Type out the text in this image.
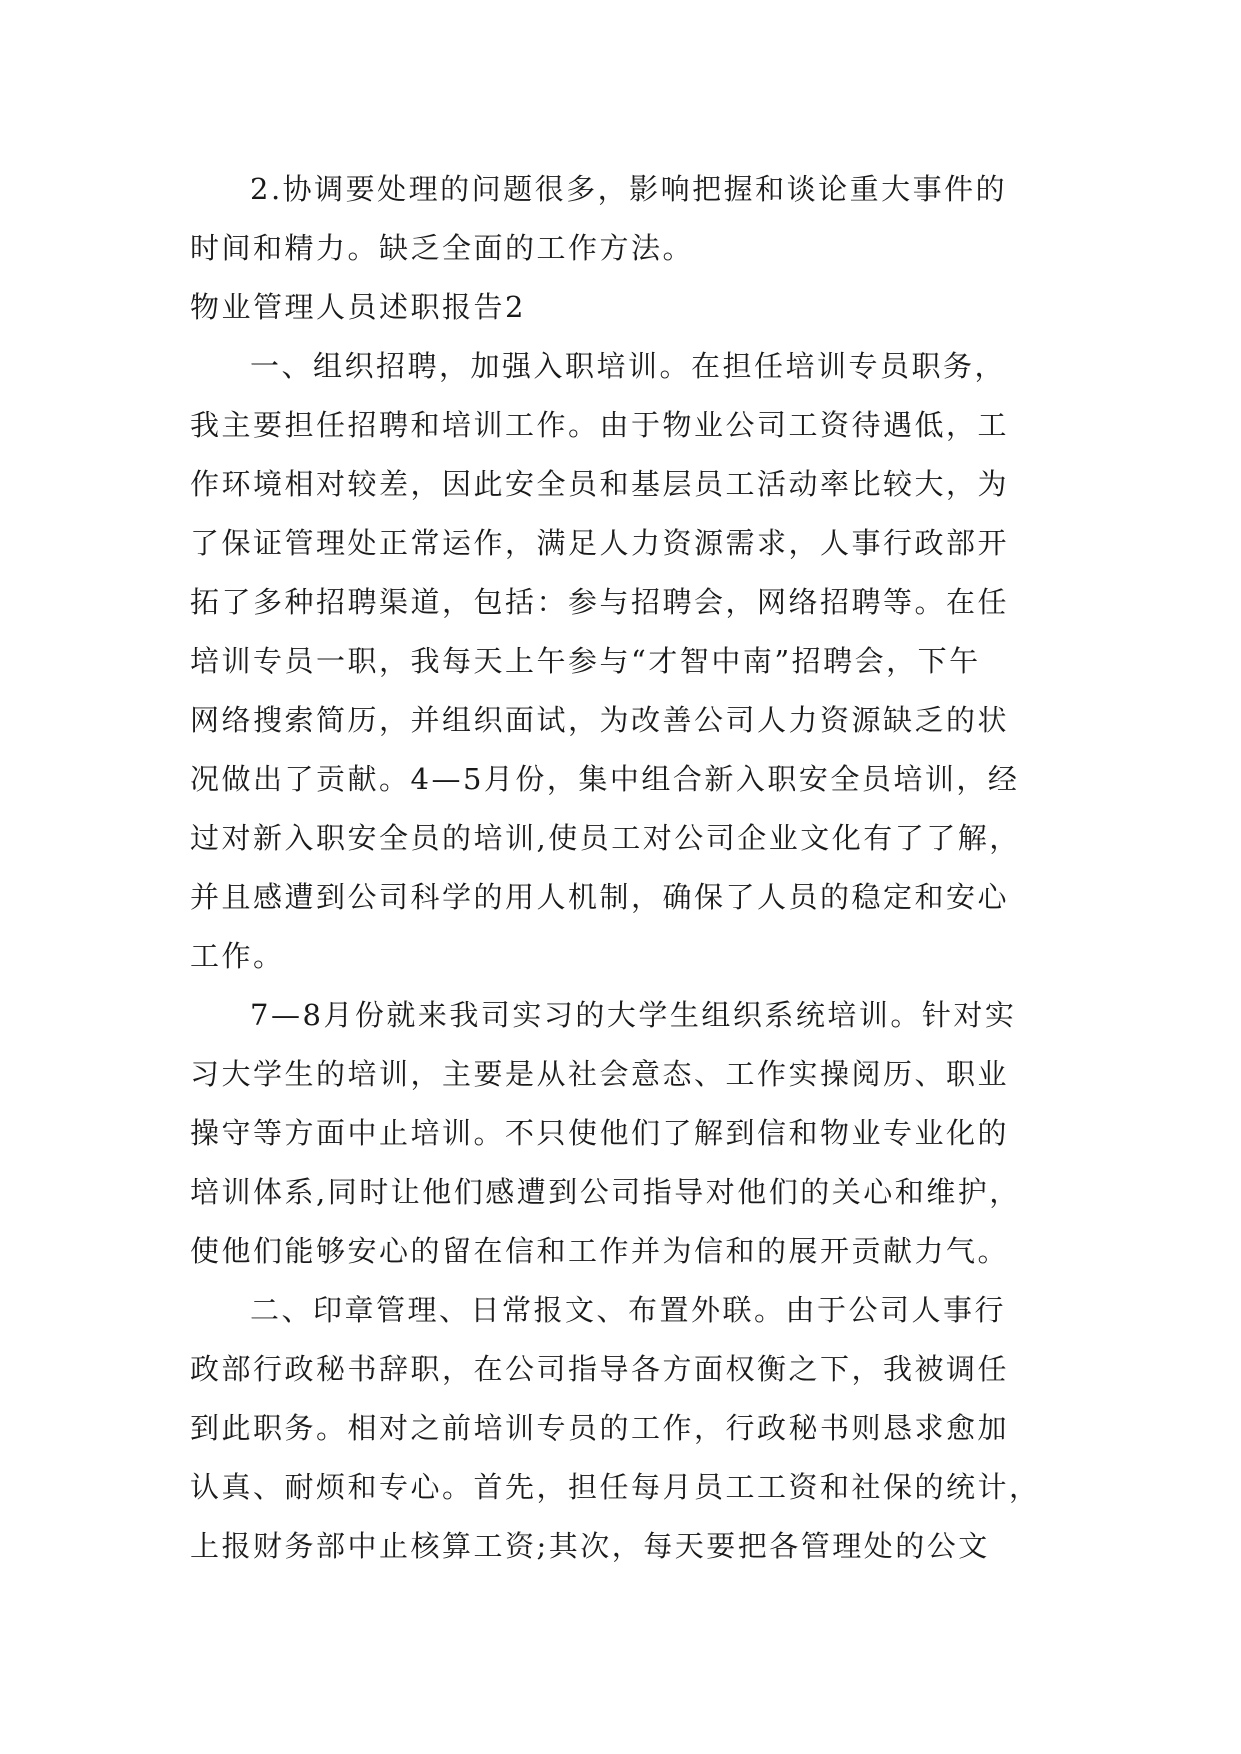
2.协调要处理的问题很多，影响把握和谈论重大事件的
时间和精力。缺乏全面的工作方法。
物业管理人员述职报告2
一、组织招聘，加强入职培训。在担任培训专员职务，
我主要担任招聘和培训工作。由于物业公司工资待遇低，工
作环境相对较差，因此安全员和基层员工活动率比较大，为
了保证管理处正常运作，满足人力资源需求，人事行政部开
拓了多种招聘渠道，包括：参与招聘会，网络招聘等。在任
培训专员一职，我每天上午参与“才智中南”招聘会，下午
网络搜索简历，并组织面试，为改善公司人力资源缺乏的状
况做出了贡献。4—5月份，集中组合新入职安全员培训，经
过对新入职安全员的培训,使员工对公司企业文化有了了解，
并且感遭到公司科学的用人机制，确保了人员的稳定和安心
工作。
7—8月份就来我司实习的大学生组织系统培训。针对实
习大学生的培训，主要是从社会意态、工作实操阅历、职业
操守等方面中止培训。不只使他们了解到信和物业专业化的
培训体系,同时让他们感遭到公司指导对他们的关心和维护，
使他们能够安心的留在信和工作并为信和的展开贡献力气。
二、印章管理、日常报文、布置外联。由于公司人事行
政部行政秘书辞职，在公司指导各方面权衡之下，我被调任
到此职务。相对之前培训专员的工作，行政秘书则恳求愈加
认真、耐烦和专心。首先，担任每月员工工资和社保的统计，
上报财务部中止核算工资;其次，每天要把各管理处的公文
